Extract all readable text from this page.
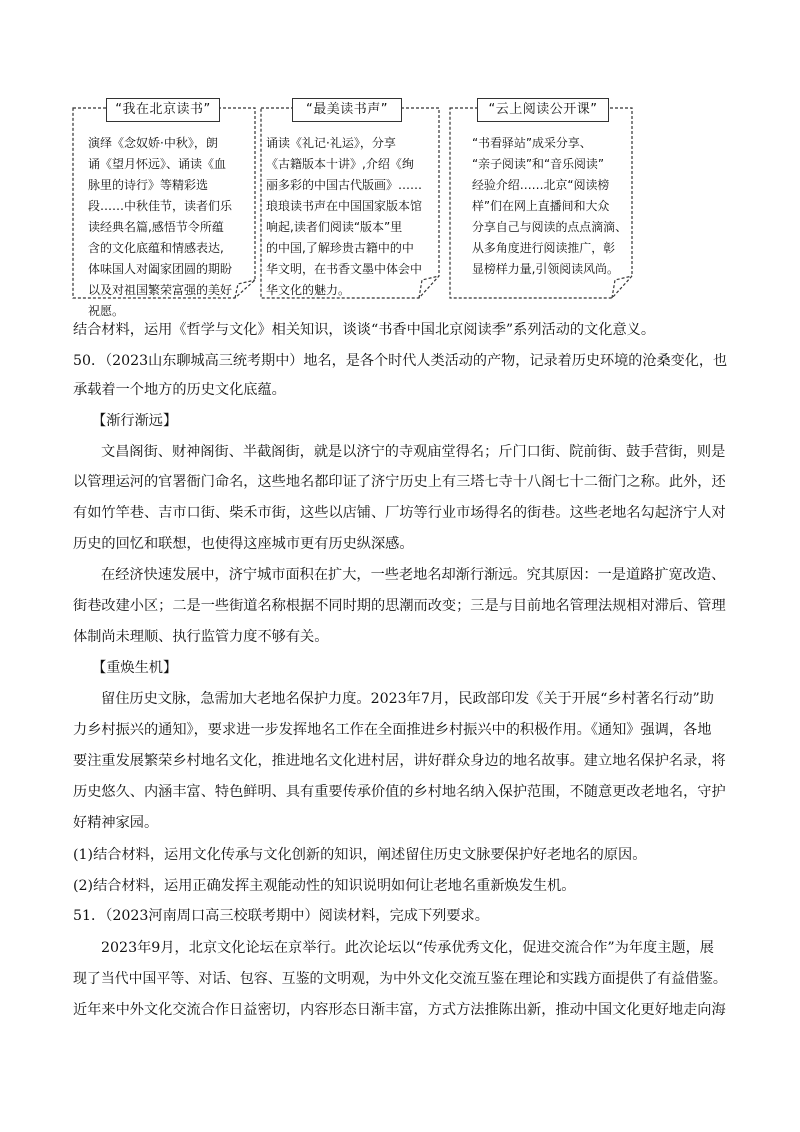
“我在北京读书”
演绎《念奴娇·中秋》，朗
诵《望月怀远》、诵读《血
脉里的诗行》等精彩选
段……中秋佳节，读者们乐
读经典名篇,感悟节令所蕴
含的文化底蕴和情感表达,
体味国人对阖家团圆的期盼
以及对祖国繁荣富强的美好
祝愿。
“最美读书声”
诵读《礼记·礼运》，分享
《古籍版本十讲》,介绍《绚
丽多彩的中国古代版画》……
琅琅读书声在中国国家版本馆
响起,读者们阅读“版本”里
的中国,了解珍贵古籍中的中
华文明，在书香文墨中体会中
华文化的魅力。
“云上阅读公开课”
“书看驿站”成采分享、
“亲子阅读”和“音乐阅读”
经验介绍……北京“阅读榜
样”们在网上直播间和大众
分享自己与阅读的点点滴滴、
从多角度进行阅读推广，彰
显榜样力量,引领阅读风尚。
结合材料，运用《哲学与文化》相关知识，谈谈“书香中国北京阅读季”系列活动的文化意义。
50．（2023山东聊城高三统考期中）地名，是各个时代人类活动的产物，记录着历史环境的沧桑变化，也
承载着一个地方的历史文化底蕴。
【渐行渐远】
文昌阁街、财神阁街、半截阁街，就是以济宁的寺观庙堂得名；斤门口街、院前街、鼓手营街，则是
以管理运河的官署衙门命名，这些地名都印证了济宁历史上有三塔七寺十八阁七十二衙门之称。此外，还
有如竹竿巷、吉市口街、柴禾市街，这些以店铺、厂坊等行业市场得名的街巷。这些老地名勾起济宁人对
历史的回忆和联想，也使得这座城市更有历史纵深感。
在经济快速发展中，济宁城市面积在扩大，一些老地名却渐行渐远。究其原因：一是道路扩宽改造、
街巷改建小区；二是一些街道名称根据不同时期的思潮而改变；三是与目前地名管理法规相对滞后、管理
体制尚未理顺、执行监管力度不够有关。
【重焕生机】
留住历史文脉，急需加大老地名保护力度。2023年7月，民政部印发《关于开展“乡村著名行动”助
力乡村振兴的通知》，要求进一步发挥地名工作在全面推进乡村振兴中的积极作用。《通知》强调，各地
要注重发展繁荣乡村地名文化，推进地名文化进村居，讲好群众身边的地名故事。建立地名保护名录，将
历史悠久、内涵丰富、特色鲜明、具有重要传承价值的乡村地名纳入保护范围，不随意更改老地名，守护
好精神家园。
(1)结合材料，运用文化传承与文化创新的知识，阐述留住历史文脉要保护好老地名的原因。
(2)结合材料，运用正确发挥主观能动性的知识说明如何让老地名重新焕发生机。
51．（2023河南周口高三校联考期中）阅读材料，完成下列要求。
2023年9月，北京文化论坛在京举行。此次论坛以“传承优秀文化，促进交流合作”为年度主题，展
现了当代中国平等、对话、包容、互鉴的文明观，为中外文化交流互鉴在理论和实践方面提供了有益借鉴。
近年来中外文化交流合作日益密切，内容形态日渐丰富，方式方法推陈出新，推动中国文化更好地走向海
